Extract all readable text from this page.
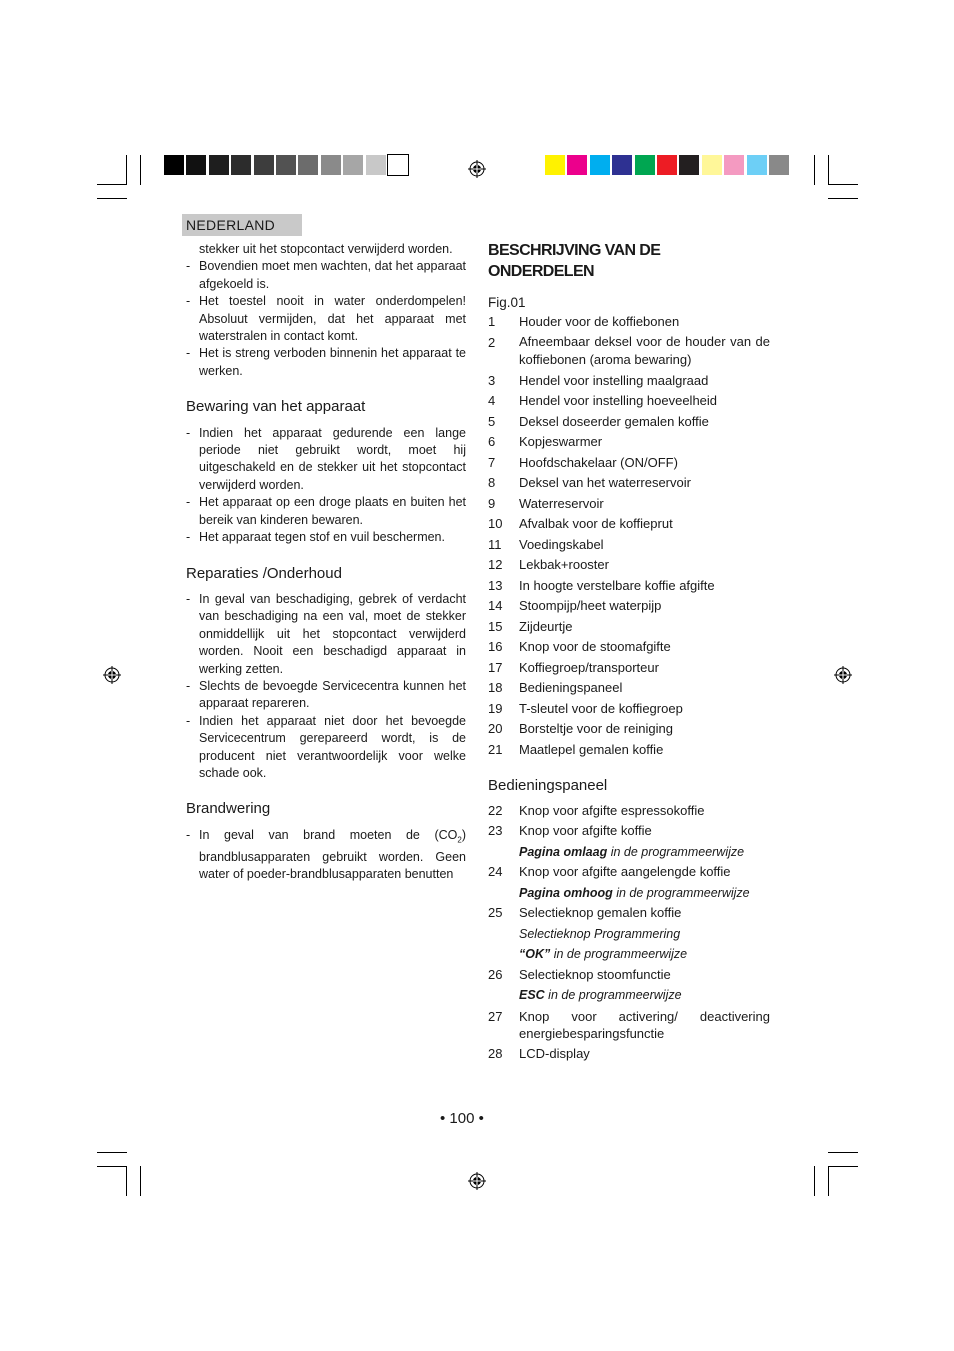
NEDERLAND
stekker uit het stopcontact verwijderd worden.
- Bovendien moet men wachten, dat het apparaat afgekoeld is.
- Het toestel nooit in water onderdompelen! Absoluut vermijden, dat het apparaat met waterstralen in contact komt.
- Het is streng verboden binnenin het apparaat te werken.
Bewaring van het apparaat
- Indien het apparaat gedurende een lange periode niet gebruikt wordt, moet hij uitgeschakeld en de stekker uit het stopcontact verwijderd worden.
- Het apparaat op een droge plaats en buiten het bereik van kinderen bewaren.
- Het apparaat tegen stof en vuil beschermen.
Reparaties /Onderhoud
- In geval van beschadiging, gebrek of verdacht van beschadiging na een val, moet de stekker onmiddellijk uit het stopcontact verwijderd worden. Nooit een beschadigd apparaat in werking zetten.
- Slechts de bevoegde Servicecentra kunnen het apparaat repareren.
- Indien het apparaat niet door het bevoegde Servicecentrum gerepareerd wordt, is de producent niet verantwoordelijk voor welke schade ook.
Brandwering
- In geval van brand moeten de $(CO_2)$ brandblusapparaten gebruikt worden. Geen water of poeder-brandblusapparaten benutten
BESCHRIJVING VAN DE ONDERDELEN
Fig.01
1	Houder voor de koffiebonen
2	Afneembaar deksel voor de houder van de koffiebonen (aroma bewaring)
3	Hendel voor instelling maalgraad
4	Hendel voor instelling hoeveelheid
5	Deksel doseerder gemalen koffie
6	Kopjeswarmer
7	Hoofdschakelaar (ON/OFF)
8	Deksel van het waterreservoir
9	Waterreservoir
10	Afvalbak voor de koffieprut
11	Voedingskabel
12	Lekbak+rooster
13	In hoogte verstelbare koffie afgifte
14	Stoompijp/heet waterpijp
15	Zijdeurtje
16	Knop voor de stoomafgifte
17	Koffiegroep/transporteur
18	Bedieningspaneel
19	T-sleutel voor de koffiegroep
20	Borsteltje voor de reiniging
21	Maatlepel gemalen koffie
Bedieningspaneel
22	Knop voor afgifte espressokoffie
23	Knop voor afgifte koffie
Pagina omlaag in de programmeerwijze
24	Knop voor afgifte aangelengde koffie
Pagina omhoog in de programmeerwijze
25	Selectieknop gemalen koffie
Selectieknop Programmering
“OK” in de programmeerwijze
26	Selectieknop stoomfunctie
ESC in de programmeerwijze
27	Knop voor activering/ deactivering energiebesparingsfunctie
28	LCD-display
• 100 •
